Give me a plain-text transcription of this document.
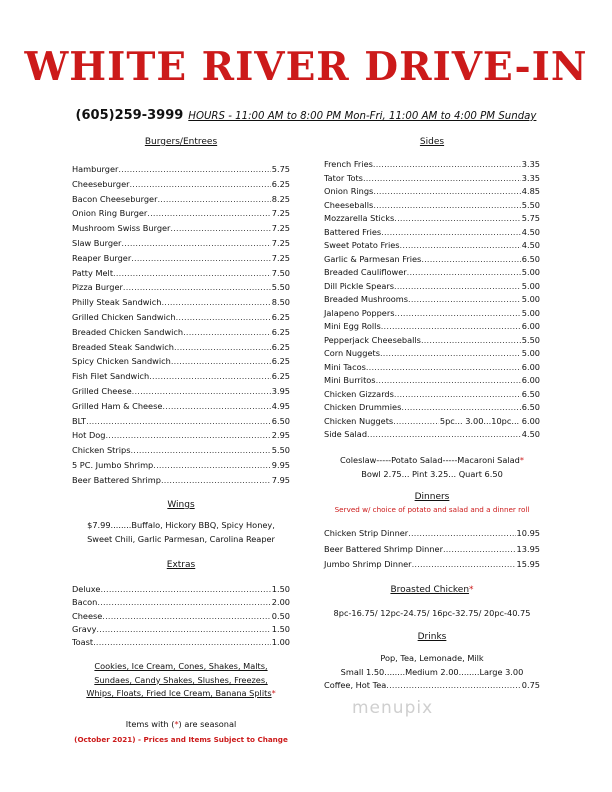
WHITE RIVER DRIVE-IN
(605)259-3999 HOURS - 11:00 AM to 8:00 PM Mon-Fri, 11:00 AM to 4:00 PM Sunday
Burgers/Entrees
Hamburger .....	5.75
Cheeseburger .....	6.25
Bacon Cheeseburger .....	8.25
Onion Ring Burger .....	7.25
Mushroom Swiss Burger .....	7.25
Slaw Burger .....	7.25
Reaper Burger .....	7.25
Patty Melt .....	7.50
Pizza Burger .....	5.50
Philly Steak Sandwich .....	8.50
Grilled Chicken Sandwich .....	6.25
Breaded Chicken Sandwich .....	6.25
Breaded Steak Sandwich .....	6.25
Spicy Chicken Sandwich .....	6.25
Fish Filet Sandwich .....	6.25
Grilled Cheese .....	3.95
Grilled Ham & Cheese .....	4.95
BLT .....	6.50
Hot Dog .....	2.95
Chicken Strips .....	5.50
5 PC. Jumbo Shrimp .....	9.95
Beer Battered Shrimp .....	7.95
Wings
$7.99........Buffalo, Hickory BBQ, Spicy Honey,
Sweet Chili, Garlic Parmesan, Carolina Reaper
Extras
Deluxe .....	1.50
Bacon .....	2.00
Cheese .....	0.50
Gravy .....	1.50
Toast .....	1.00
Cookies, Ice Cream, Cones, Shakes, Malts,
Sundaes, Candy Shakes, Slushes, Freezes,
Whips, Floats, Fried Ice Cream, Banana Splits*
Items with (*) are seasonal
(October 2021) - Prices and Items Subject to Change
Sides
French Fries .....	3.35
Tator Tots .....	3.35
Onion Rings .....	4.85
Cheeseballs .....	5.50
Mozzarella Sticks .....	5.75
Battered Fries .....	4.50
Sweet Potato Fries .....	4.50
Garlic & Parmesan Fries .....	6.50
Breaded Cauliflower .....	5.00
Dill Pickle Spears .....	5.00
Breaded Mushrooms .....	5.00
Jalapeno Poppers .....	5.00
Mini Egg Rolls .....	6.00
Pepperjack Cheeseballs .....	5.50
Corn Nuggets .....	5.00
Mini Tacos .....	6.00
Mini Burritos .....	6.00
Chicken Gizzards .....	6.50
Chicken Drummies .....	6.50
Chicken Nuggets .....	5pc... 3.00...10pc... 6.00
Side Salad .....	4.50
Coleslaw-----Potato Salad-----Macaroni Salad*
Bowl 2.75... Pint 3.25... Quart 6.50
Dinners
Served w/ choice of potato and salad and a dinner roll
Chicken Strip Dinner .....	10.95
Beer Battered Shrimp Dinner .....	13.95
Jumbo Shrimp Dinner .....	15.95
Broasted Chicken*
8pc-16.75/ 12pc-24.75/ 16pc-32.75/ 20pc-40.75
Drinks
Pop, Tea, Lemonade, Milk
Small 1.50........Medium 2.00........Large 3.00
Coffee, Hot Tea .....	0.75
menupix
